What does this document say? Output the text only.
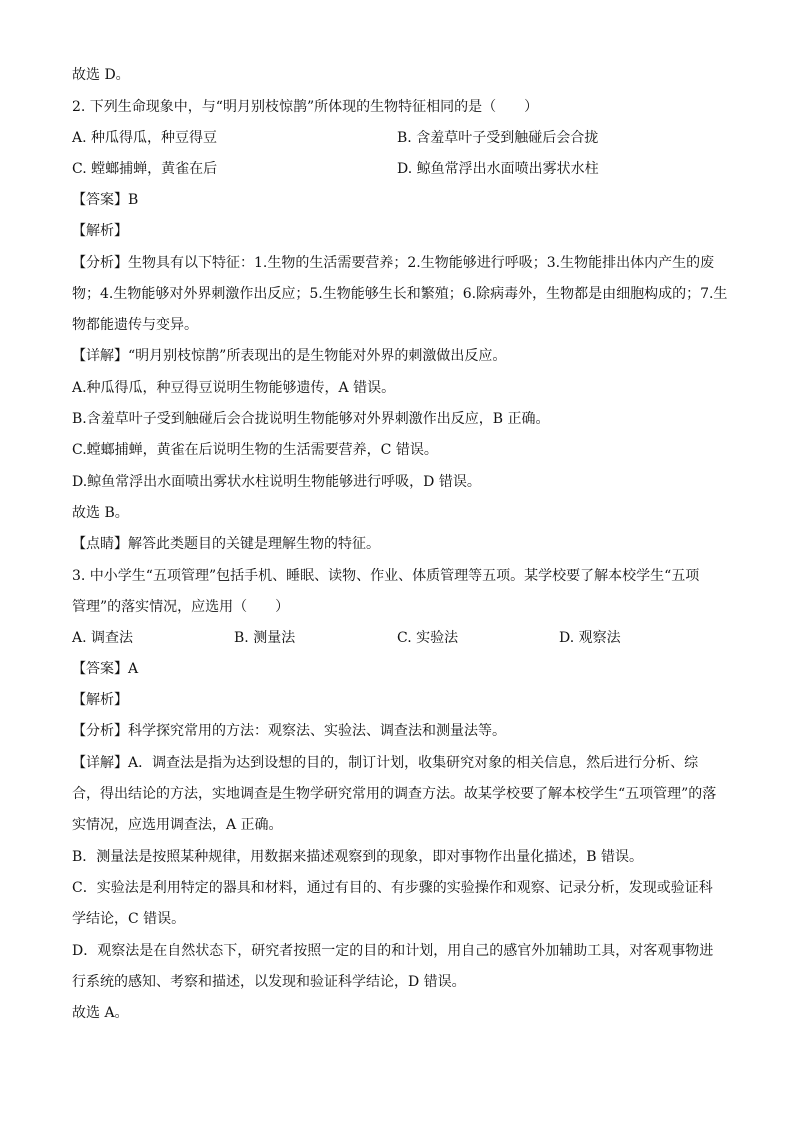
故选 D。
2. 下列生命现象中，与“明月别枝惊鹊”所体现的生物特征相同的是（　　）
A. 种瓜得瓜，种豆得豆	B. 含羞草叶子受到触碰后会合拢
C. 螳螂捕蝉，黄雀在后	D. 鲸鱼常浮出水面喷出雾状水柱
【答案】B
【解析】
【分析】生物具有以下特征：1.生物的生活需要营养；2.生物能够进行呼吸；3.生物能排出体内产生的废
物；4.生物能够对外界刺激作出反应；5.生物能够生长和繁殖；6.除病毒外，生物都是由细胞构成的；7.生
物都能遗传与变异。
【详解】“明月别枝惊鹊”所表现出的是生物能对外界的刺激做出反应。
A.种瓜得瓜，种豆得豆说明生物能够遗传，A 错误。
B.含羞草叶子受到触碰后会合拢说明生物能够对外界刺激作出反应，B 正确。
C.螳螂捕蝉，黄雀在后说明生物的生活需要营养，C 错误。
D.鲸鱼常浮出水面喷出雾状水柱说明生物能够进行呼吸，D 错误。
故选 B。
【点睛】解答此类题目的关键是理解生物的特征。
3. 中小学生“五项管理”包括手机、睡眠、读物、作业、体质管理等五项。某学校要了解本校学生“五项
管理”的落实情况，应选用（　　）
A. 调查法	B. 测量法	C. 实验法	D. 观察法
【答案】A
【解析】
【分析】科学探究常用的方法：观察法、实验法、调查法和测量法等。
【详解】A．调查法是指为达到设想的目的，制订计划，收集研究对象的相关信息，然后进行分析、综
合，得出结论的方法，实地调查是生物学研究常用的调查方法。故某学校要了解本校学生“五项管理”的落
实情况，应选用调查法，A 正确。
B．测量法是按照某种规律，用数据来描述观察到的现象，即对事物作出量化描述，B 错误。
C．实验法是利用特定的器具和材料，通过有目的、有步骤的实验操作和观察、记录分析，发现或验证科
学结论，C 错误。
D．观察法是在自然状态下，研究者按照一定的目的和计划，用自己的感官外加辅助工具，对客观事物进
行系统的感知、考察和描述，以发现和验证科学结论，D 错误。
故选 A。
